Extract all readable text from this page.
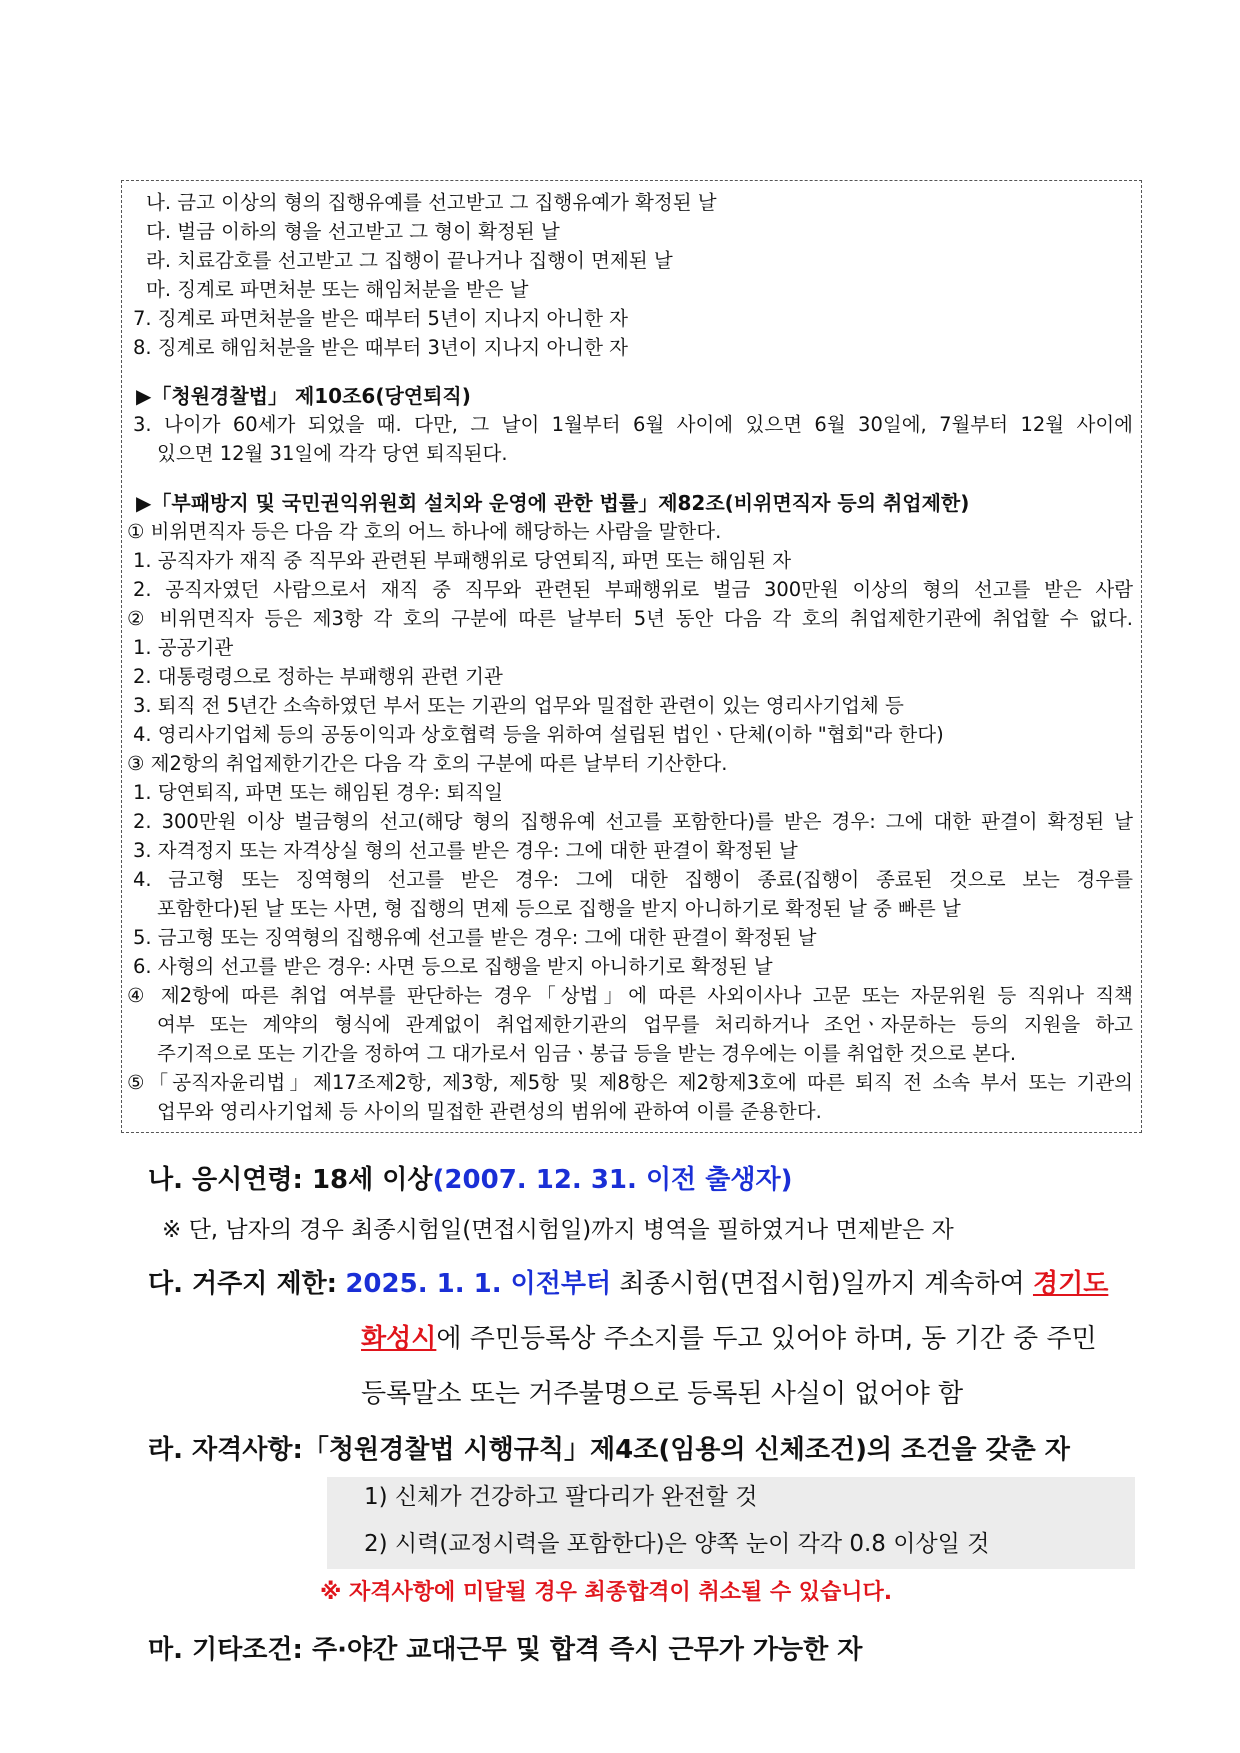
나. 금고 이상의 형의 집행유예를 선고받고 그 집행유예가 확정된 날
다. 벌금 이하의 형을 선고받고 그 형이 확정된 날
라. 치료감호를 선고받고 그 집행이 끝나거나 집행이 면제된 날
마. 징계로 파면처분 또는 해임처분을 받은 날
7. 징계로 파면처분을 받은 때부터 5년이 지나지 아니한 자
8. 징계로 해임처분을 받은 때부터 3년이 지나지 아니한 자
▶「청원경찰법」 제10조6(당연퇴직)
3. 나이가 60세가 되었을 때. 다만, 그 날이 1월부터 6월 사이에 있으면 6월 30일에, 7월부터 12월 사이에
있으면 12월 31일에 각각 당연 퇴직된다.
▶「부패방지 및 국민권익위원회 설치와 운영에 관한 법률」제82조(비위면직자 등의 취업제한)
① 비위면직자 등은 다음 각 호의 어느 하나에 해당하는 사람을 말한다.
1. 공직자가 재직 중 직무와 관련된 부패행위로 당연퇴직, 파면 또는 해임된 자
2. 공직자였던 사람으로서 재직 중 직무와 관련된 부패행위로 벌금 300만원 이상의 형의 선고를 받은 사람
② 비위면직자 등은 제3항 각 호의 구분에 따른 날부터 5년 동안 다음 각 호의 취업제한기관에 취업할 수 없다.
1. 공공기관
2. 대통령령으로 정하는 부패행위 관련 기관
3. 퇴직 전 5년간 소속하였던 부서 또는 기관의 업무와 밀접한 관련이 있는 영리사기업체 등
4. 영리사기업체 등의 공동이익과 상호협력 등을 위하여 설립된 법인ㆍ단체(이하 "협회"라 한다)
③ 제2항의 취업제한기간은 다음 각 호의 구분에 따른 날부터 기산한다.
1. 당연퇴직, 파면 또는 해임된 경우: 퇴직일
2. 300만원 이상 벌금형의 선고(해당 형의 집행유예 선고를 포함한다)를 받은 경우: 그에 대한 판결이 확정된 날
3. 자격정지 또는 자격상실 형의 선고를 받은 경우: 그에 대한 판결이 확정된 날
4. 금고형 또는 징역형의 선고를 받은 경우: 그에 대한 집행이 종료(집행이 종료된 것으로 보는 경우를
포함한다)된 날 또는 사면, 형 집행의 면제 등으로 집행을 받지 아니하기로 확정된 날 중 빠른 날
5. 금고형 또는 징역형의 집행유예 선고를 받은 경우: 그에 대한 판결이 확정된 날
6. 사형의 선고를 받은 경우: 사면 등으로 집행을 받지 아니하기로 확정된 날
④ 제2항에 따른 취업 여부를 판단하는 경우「상법」에 따른 사외이사나 고문 또는 자문위원 등 직위나 직책
여부 또는 계약의 형식에 관계없이 취업제한기관의 업무를 처리하거나 조언ㆍ자문하는 등의 지원을 하고
주기적으로 또는 기간을 정하여 그 대가로서 임금ㆍ봉급 등을 받는 경우에는 이를 취업한 것으로 본다.
⑤「공직자윤리법」제17조제2항, 제3항, 제5항 및 제8항은 제2항제3호에 따른 퇴직 전 소속 부서 또는 기관의
업무와 영리사기업체 등 사이의 밀접한 관련성의 범위에 관하여 이를 준용한다.
나. 응시연령: 18세 이상(2007. 12. 31. 이전 출생자)
※ 단, 남자의 경우 최종시험일(면접시험일)까지 병역을 필하였거나 면제받은 자
다. 거주지 제한: 2025. 1. 1. 이전부터 최종시험(면접시험)일까지 계속하여 경기도
화성시에 주민등록상 주소지를 두고 있어야 하며, 동 기간 중 주민
등록말소 또는 거주불명으로 등록된 사실이 없어야 함
라. 자격사항:「청원경찰법 시행규칙」제4조(임용의 신체조건)의 조건을 갖춘 자
1) 신체가 건강하고 팔다리가 완전할 것
2) 시력(교정시력을 포함한다)은 양쪽 눈이 각각 0.8 이상일 것
※ 자격사항에 미달될 경우 최종합격이 취소될 수 있습니다.
마. 기타조건: 주·야간 교대근무 및 합격 즉시 근무가 가능한 자
